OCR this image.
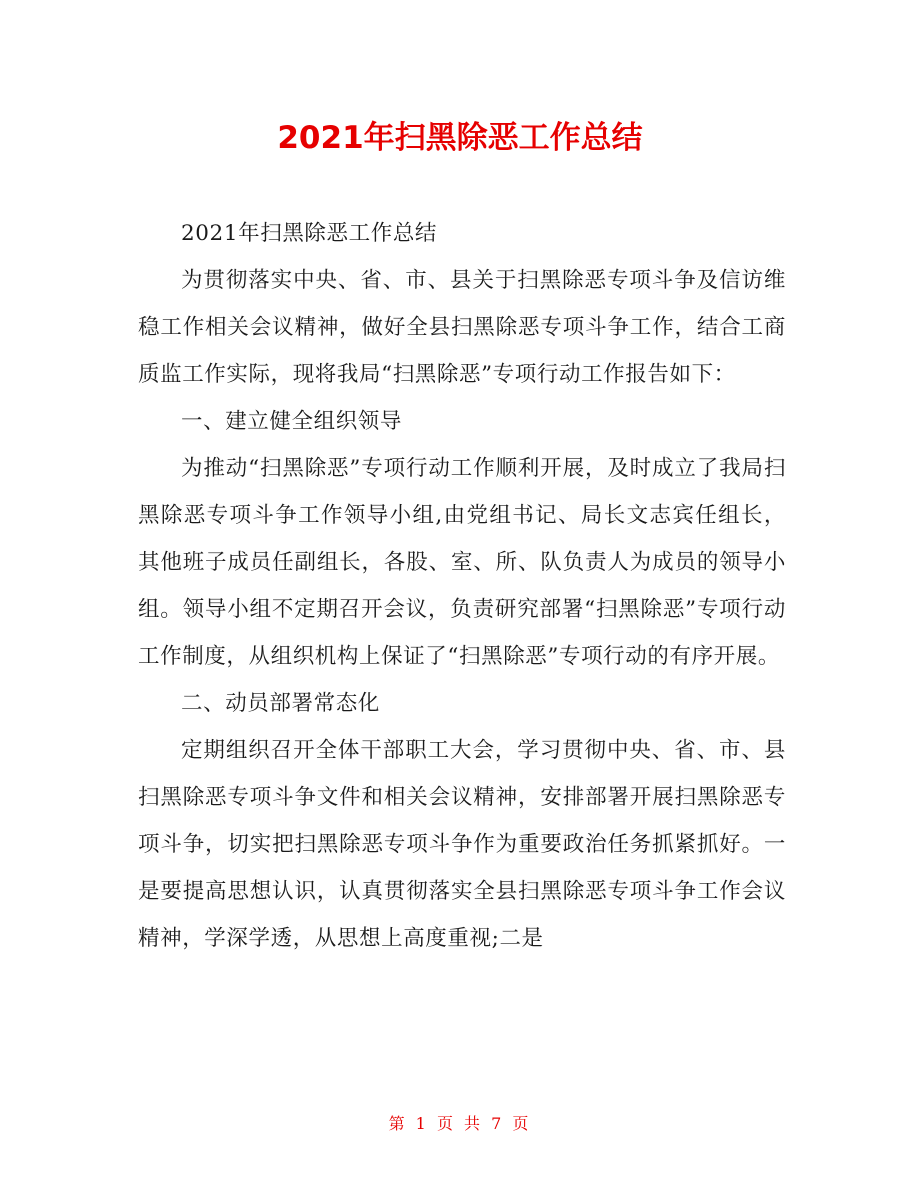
2021年扫黑除恶工作总结

2021年扫黑除恶工作总结

为贯彻落实中央、省、市、县关于扫黑除恶专项斗争及信访维稳工作相关会议精神，做好全县扫黑除恶专项斗争工作，结合工商质监工作实际，现将我局“扫黑除恶”专项行动工作报告如下：

一、建立健全组织领导

为推动“扫黑除恶”专项行动工作顺利开展，及时成立了我局扫黑除恶专项斗争工作领导小组,由党组书记、局长文志宾任组长，其他班子成员任副组长，各股、室、所、队负责人为成员的领导小组。领导小组不定期召开会议，负责研究部署“扫黑除恶”专项行动工作制度，从组织机构上保证了“扫黑除恶”专项行动的有序开展。

二、动员部署常态化

定期组织召开全体干部职工大会，学习贯彻中央、省、市、县扫黑除恶专项斗争文件和相关会议精神，安排部署开展扫黑除恶专项斗争，切实把扫黑除恶专项斗争作为重要政治任务抓紧抓好。一是要提高思想认识，认真贯彻落实全县扫黑除恶专项斗争工作会议精神，学深学透，从思想上高度重视;二是

第 1 页 共 7 页
